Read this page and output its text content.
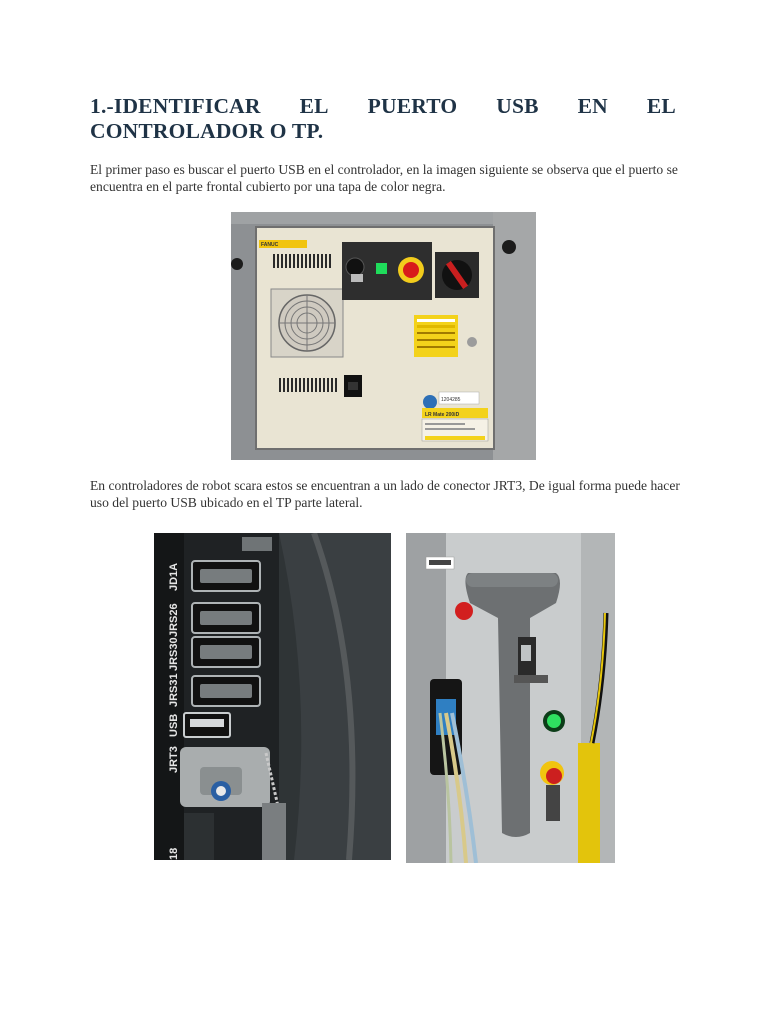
1.-IDENTIFICAR EL PUERTO USB EN EL
CONTROLADOR O TP.
El primer paso es buscar el puerto USB en el controlador, en la imagen siguiente se observa que el puerto se encuentra en el parte frontal cubierto por una tapa de color negra.
FANUC
1204285
LR Mate 200iD
En controladores de robot scara estos se encuentran a un lado de conector JRT3, De igual forma puede hacer uso del puerto USB ubicado en el TP parte lateral.
JD1A
JRS26
JRS30
JRS31
USB
JRT3
18
